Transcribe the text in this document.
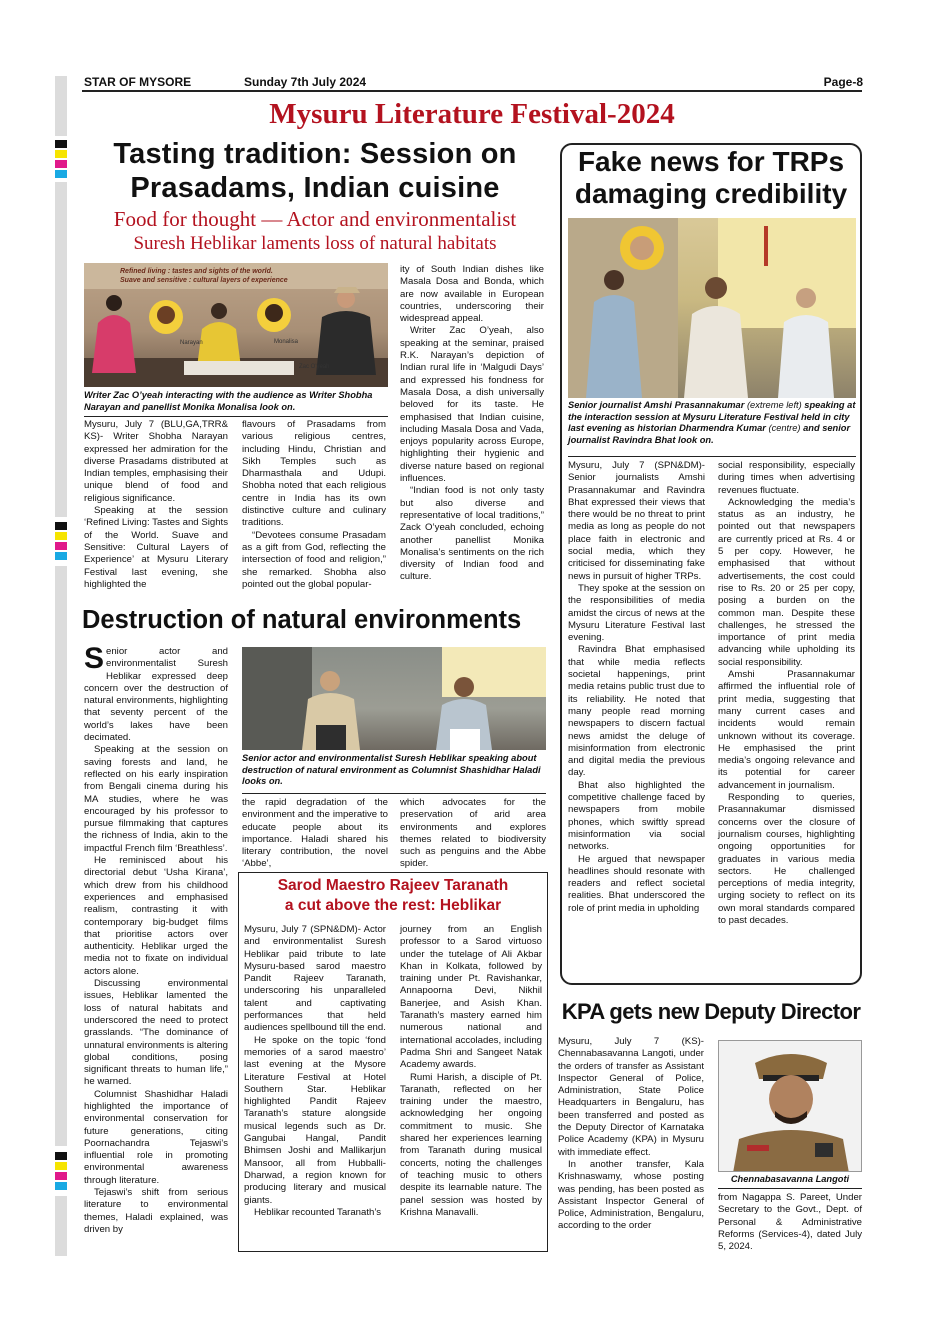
STAR OF MYSORE	Sunday 7th July 2024	Page-8
Mysuru Literature Festival-2024
Tasting tradition: Session on
Prasadams, Indian cuisine
Food for thought — Actor and environmentalist
Suresh Heblikar laments loss of natural habitats
Refined living : tastes and sights of the world.
Suave and sensitive : cultural layers of experience
Narayan	Monalisa
Zac O'yeah
Writer Zac O’yeah interacting with the audience as Writer Shobha Narayan and panellist Monika Monalisa look on.

Mysuru, July 7 (BLU,GA,TRR& KS)- Writer Shobha Narayan expressed her admiration for the diverse Prasadams distributed at Indian temples, emphasising their unique blend of food and religious significance.

Speaking at the session ‘Refined Living: Tastes and Sights of the World. Suave and Sensitive: Cultural Layers of Experience’ at Mysuru Literary Festival last evening, she highlighted the

flavours of Prasadams from various religious centres, including Hindu, Christian and Sikh Temples such as Dharmasthala and Udupi. Shobha noted that each religious centre in India has its own distinctive culture and culinary traditions.

“Devotees consume Prasadam as a gift from God, reflecting the intersection of food and religion,” she remarked. Shobha also pointed out the global popular-

ity of South Indian dishes like Masala Dosa and Bonda, which are now available in European countries, underscoring their widespread appeal.

Writer Zac O’yeah, also speaking at the seminar, praised R.K. Narayan’s depiction of Indian rural life in ‘Malgudi Days’ and expressed his fondness for Masala Dosa, a dish universally beloved for its taste. He emphasised that Indian cuisine, including Masala Dosa and Vada, enjoys popularity across Europe, highlighting their hygienic and diverse nature based on regional influences.

“Indian food is not only tasty but also diverse and representative of local traditions,” Zack O’yeah concluded, echoing another panellist Monika Monalisa’s sentiments on the rich diversity of Indian food and culture.

Destruction of natural environments

S enior actor and environmentalist Suresh Heblikar expressed deep concern over the destruction of natural environments, highlighting that seventy percent of the world’s lakes have been decimated.

Speaking at the session on saving forests and land, he reflected on his early inspiration from Bengali cinema during his MA studies, where he was encouraged by his professor to pursue filmmaking that captures the richness of India, akin to the impactful French film ‘Breathless’.

He reminisced about his directorial debut ‘Usha Kirana’, which drew from his childhood experiences and emphasised realism, contrasting it with contemporary big-budget films that prioritise actors over authenticity. Heblikar urged the media not to fixate on individual actors alone.

Discussing environmental issues, Heblikar lamented the loss of natural habitats and underscored the need to protect grasslands. “The dominance of unnatural environments is altering global conditions, posing significant threats to human life,” he warned.

Columnist Shashidhar Haladi highlighted the importance of environmental conservation for future generations, citing Poornachandra Tejaswi’s influential role in promoting environmental awareness through literature.

Tejaswi’s shift from serious literature to environmental themes, Haladi explained, was driven by

Senior actor and environmentalist Suresh Heblikar speaking about destruction of natural environment as Columnist Shashidhar Haladi looks on.

the rapid degradation of the environment and the imperative to educate people about its importance. Haladi shared his literary contribution, the novel ‘Abbe’,

which advocates for the preservation of arid area environments and explores themes related to biodiversity such as penguins and the Abbe spider.

Sarod Maestro Rajeev Taranath
a cut above the rest: Heblikar

Mysuru, July 7 (SPN&DM)- Actor and environmentalist Suresh Heblikar paid tribute to late Mysuru-based sarod maestro Pandit Rajeev Taranath, underscoring his unparalleled talent and captivating performances that held audiences spellbound till the end.

He spoke on the topic ‘fond memories of a sarod maestro’ last evening at the Mysore Literature Festival at Hotel Southern Star. Heblikar highlighted Pandit Rajeev Taranath’s stature alongside musical legends such as Dr. Gangubai Hangal, Pandit Bhimsen Joshi and Mallikarjun Mansoor, all from Hubballi-Dharwad, a region known for producing literary and musical giants.

Heblikar recounted Taranath’s

journey from an English professor to a Sarod virtuoso under the tutelage of Ali Akbar Khan in Kolkata, followed by training under Pt. Ravishankar, Annapoorna Devi, Nikhil Banerjee, and Asish Khan. Taranath’s mastery earned him numerous national and international accolades, including Padma Shri and Sangeet Natak Academy awards.

Rumi Harish, a disciple of Pt. Taranath, reflected on her training under the maestro, acknowledging her ongoing commitment to music. She shared her experiences learning from Taranath during musical concerts, noting the challenges of teaching music to others despite its learnable nature. The panel session was hosted by Krishna Manavalli.

Fake news for TRPs
damaging credibility
Senior journalist Amshi Prasannakumar (extreme left) speaking at the interaction session at Mysuru Literature Festival held in city last evening as historian Dharmendra Kumar (centre) and senior journalist Ravindra Bhat look on.

Mysuru, July 7 (SPN&DM)- Senior journalists Amshi Prasannakumar and Ravindra Bhat expressed their views that there would be no threat to print media as long as people do not place faith in electronic and social media, which they criticised for disseminating fake news in pursuit of higher TRPs.

They spoke at the session on the responsibilities of media amidst the circus of news at the Mysuru Literature Festival last evening.

Ravindra Bhat emphasised that while media reflects societal happenings, print media retains public trust due to its reliability. He noted that many people read morning newspapers to discern factual news amidst the deluge of misinformation from electronic and digital media the previous day.

Bhat also highlighted the competitive challenge faced by newspapers from mobile phones, which swiftly spread misinformation via social networks.

He argued that newspaper headlines should resonate with readers and reflect societal realities. Bhat underscored the role of print media in upholding

social responsibility, especially during times when advertising revenues fluctuate.

Acknowledging the media’s status as an industry, he pointed out that newspapers are currently priced at Rs. 4 or 5 per copy. However, he emphasised that without advertisements, the cost could rise to Rs. 20 or 25 per copy, posing a burden on the common man. Despite these challenges, he stressed the importance of print media advancing while upholding its social responsibility.

Amshi Prasannakumar affirmed the influential role of print media, suggesting that many current cases and incidents would remain unknown without its coverage. He emphasised the print media’s ongoing relevance and its potential for career advancement in journalism.

Responding to queries, Prasannakumar dismissed concerns over the closure of journalism courses, highlighting ongoing opportunities for graduates in various media sectors. He challenged perceptions of media integrity, urging society to reflect on its own moral standards compared to past decades.

KPA gets new Deputy Director

Mysuru, July 7 (KS)- Chennabasavanna Langoti, under the orders of transfer as Assistant Inspector General of Police, Administration, State Police Headquarters in Bengaluru, has been transferred and posted as the Deputy Director of Karnataka Police Academy (KPA) in Mysuru with immediate effect.

In another transfer, Kala Krishnaswamy, whose posting was pending, has been posted as Assistant Inspector General of Police, Administration, Bengaluru, according to the order

Chennabasavanna Langoti

from Nagappa S. Pareet, Under Secretary to the Govt., Dept. of Personal & Administrative Reforms (Services-4), dated July 5, 2024.
